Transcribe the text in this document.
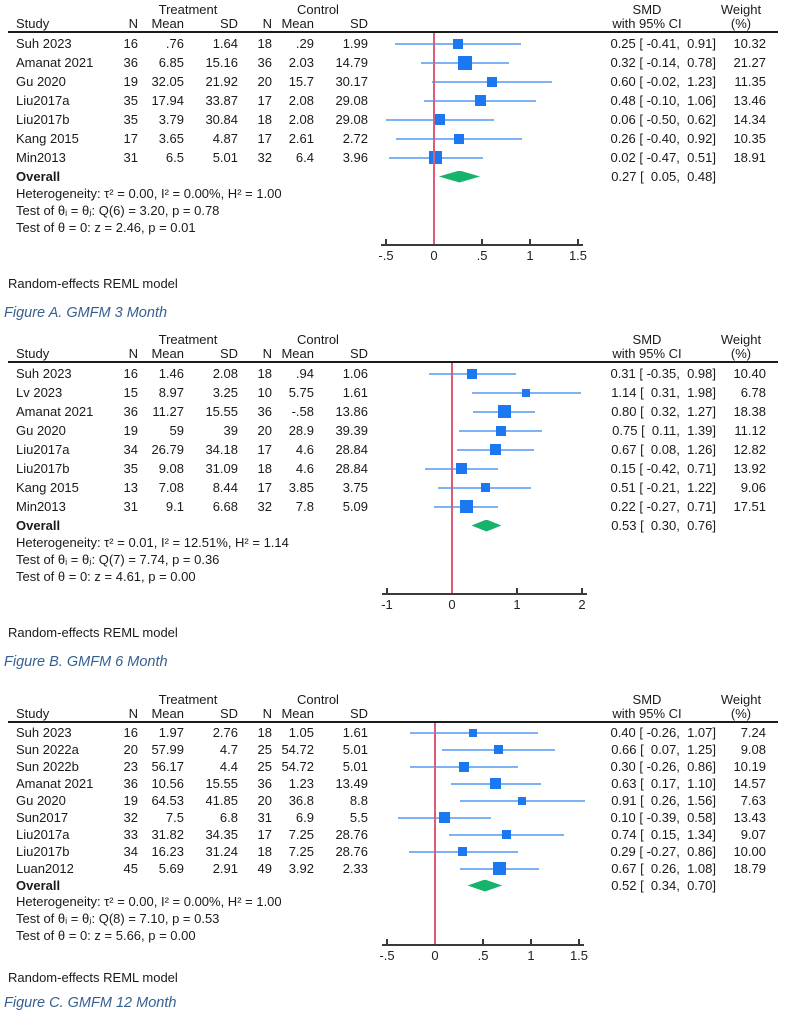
Treatment	Control	SMD	Weight
Study	N	Mean	SD	N Mean	SD	with 95% CI	(%)
Suh 2023	16	.76	1.64	18	.29	1.99	0.25 [ -0.41,  0.91]	10.32
Amanat 2021	36	6.85	15.16	36	2.03	14.79	0.32 [ -0.14,  0.78]	21.27
Gu 2020	19	32.05	21.92	20	15.7	30.17	0.60 [ -0.02,  1.23]	11.35
Liu2017a	35	17.94	33.87	17	2.08	29.08	0.48 [ -0.10,  1.06]	13.46
Liu2017b	35	3.79	30.84	18	2.08	29.08	0.06 [ -0.50,  0.62]	14.34
Kang 2015	17	3.65	4.87	17	2.61	2.72	0.26 [ -0.40,  0.92]	10.35
Min2013	31	6.5	5.01	32	6.4	3.96	0.02 [ -0.47,  0.51]	18.91
Overall	0.27 [  0.05,  0.48]
Heterogeneity: τ² = 0.00, I² = 0.00%, H² = 1.00
Test of θᵢ = θⱼ: Q(6) = 3.20, p = 0.78
Test of θ = 0: z = 2.46, p = 0.01
-.5	0	.5	1	1.5
Random-effects REML model
Figure A. GMFM 3 Month
Treatment	Control	SMD	Weight
Study	N	Mean	SD	N Mean	SD	with 95% CI	(%)
Suh 2023	16	1.46	2.08	18	.94	1.06	0.31 [ -0.35,  0.98]	10.40
Lv 2023	15	8.97	3.25	10	5.75	1.61	1.14 [  0.31,  1.98]	6.78
Amanat 2021	36	11.27	15.55	36	-.58	13.86	0.80 [  0.32,  1.27]	18.38
Gu 2020	19	59	39	20	28.9	39.39	0.75 [  0.11,  1.39]	11.12
Liu2017a	34	26.79	34.18	17	4.6	28.84	0.67 [  0.08,  1.26]	12.82
Liu2017b	35	9.08	31.09	18	4.6	28.84	0.15 [ -0.42,  0.71]	13.92
Kang 2015	13	7.08	8.44	17	3.85	3.75	0.51 [ -0.21,  1.22]	9.06
Min2013	31	9.1	6.68	32	7.8	5.09	0.22 [ -0.27,  0.71]	17.51
Overall	0.53 [  0.30,  0.76]
Heterogeneity: τ² = 0.01, I² = 12.51%, H² = 1.14
Test of θᵢ = θⱼ: Q(7) = 7.74, p = 0.36
Test of θ = 0: z = 4.61, p = 0.00
-1	0	1	2
Random-effects REML model
Figure B. GMFM 6 Month
Treatment	Control	SMD	Weight
Study	N	Mean	SD	N Mean	SD	with 95% CI	(%)
Suh 2023	16	1.97	2.76	18	1.05	1.61	0.40 [ -0.26,  1.07]	7.24
Sun 2022a	20	57.99	4.7	25 54.72	5.01	0.66 [  0.07,  1.25]	9.08
Sun 2022b	23	56.17	4.4	25 54.72	5.01	0.30 [ -0.26,  0.86]	10.19
Amanat 2021	36	10.56	15.55	36	1.23	13.49	0.63 [  0.17,  1.10]	14.57
Gu 2020	19	64.53	41.85	20	36.8	8.8	0.91 [  0.26,  1.56]	7.63
Sun2017	32	7.5	6.8	31	6.9	5.5	0.10 [ -0.39,  0.58]	13.43
Liu2017a	33	31.82	34.35	17	7.25	28.76	0.74 [  0.15,  1.34]	9.07
Liu2017b	34	16.23	31.24	18	7.25	28.76	0.29 [ -0.27,  0.86]	10.00
Luan2012	45	5.69	2.91	49	3.92	2.33	0.67 [  0.26,  1.08]	18.79
Overall	0.52 [  0.34,  0.70]
Heterogeneity: τ² = 0.00, I² = 0.00%, H² = 1.00
Test of θᵢ = θⱼ: Q(8) = 7.10, p = 0.53
Test of θ = 0: z = 5.66, p = 0.00
-.5	0	.5	1	1.5
Random-effects REML model
Figure C. GMFM 12 Month
